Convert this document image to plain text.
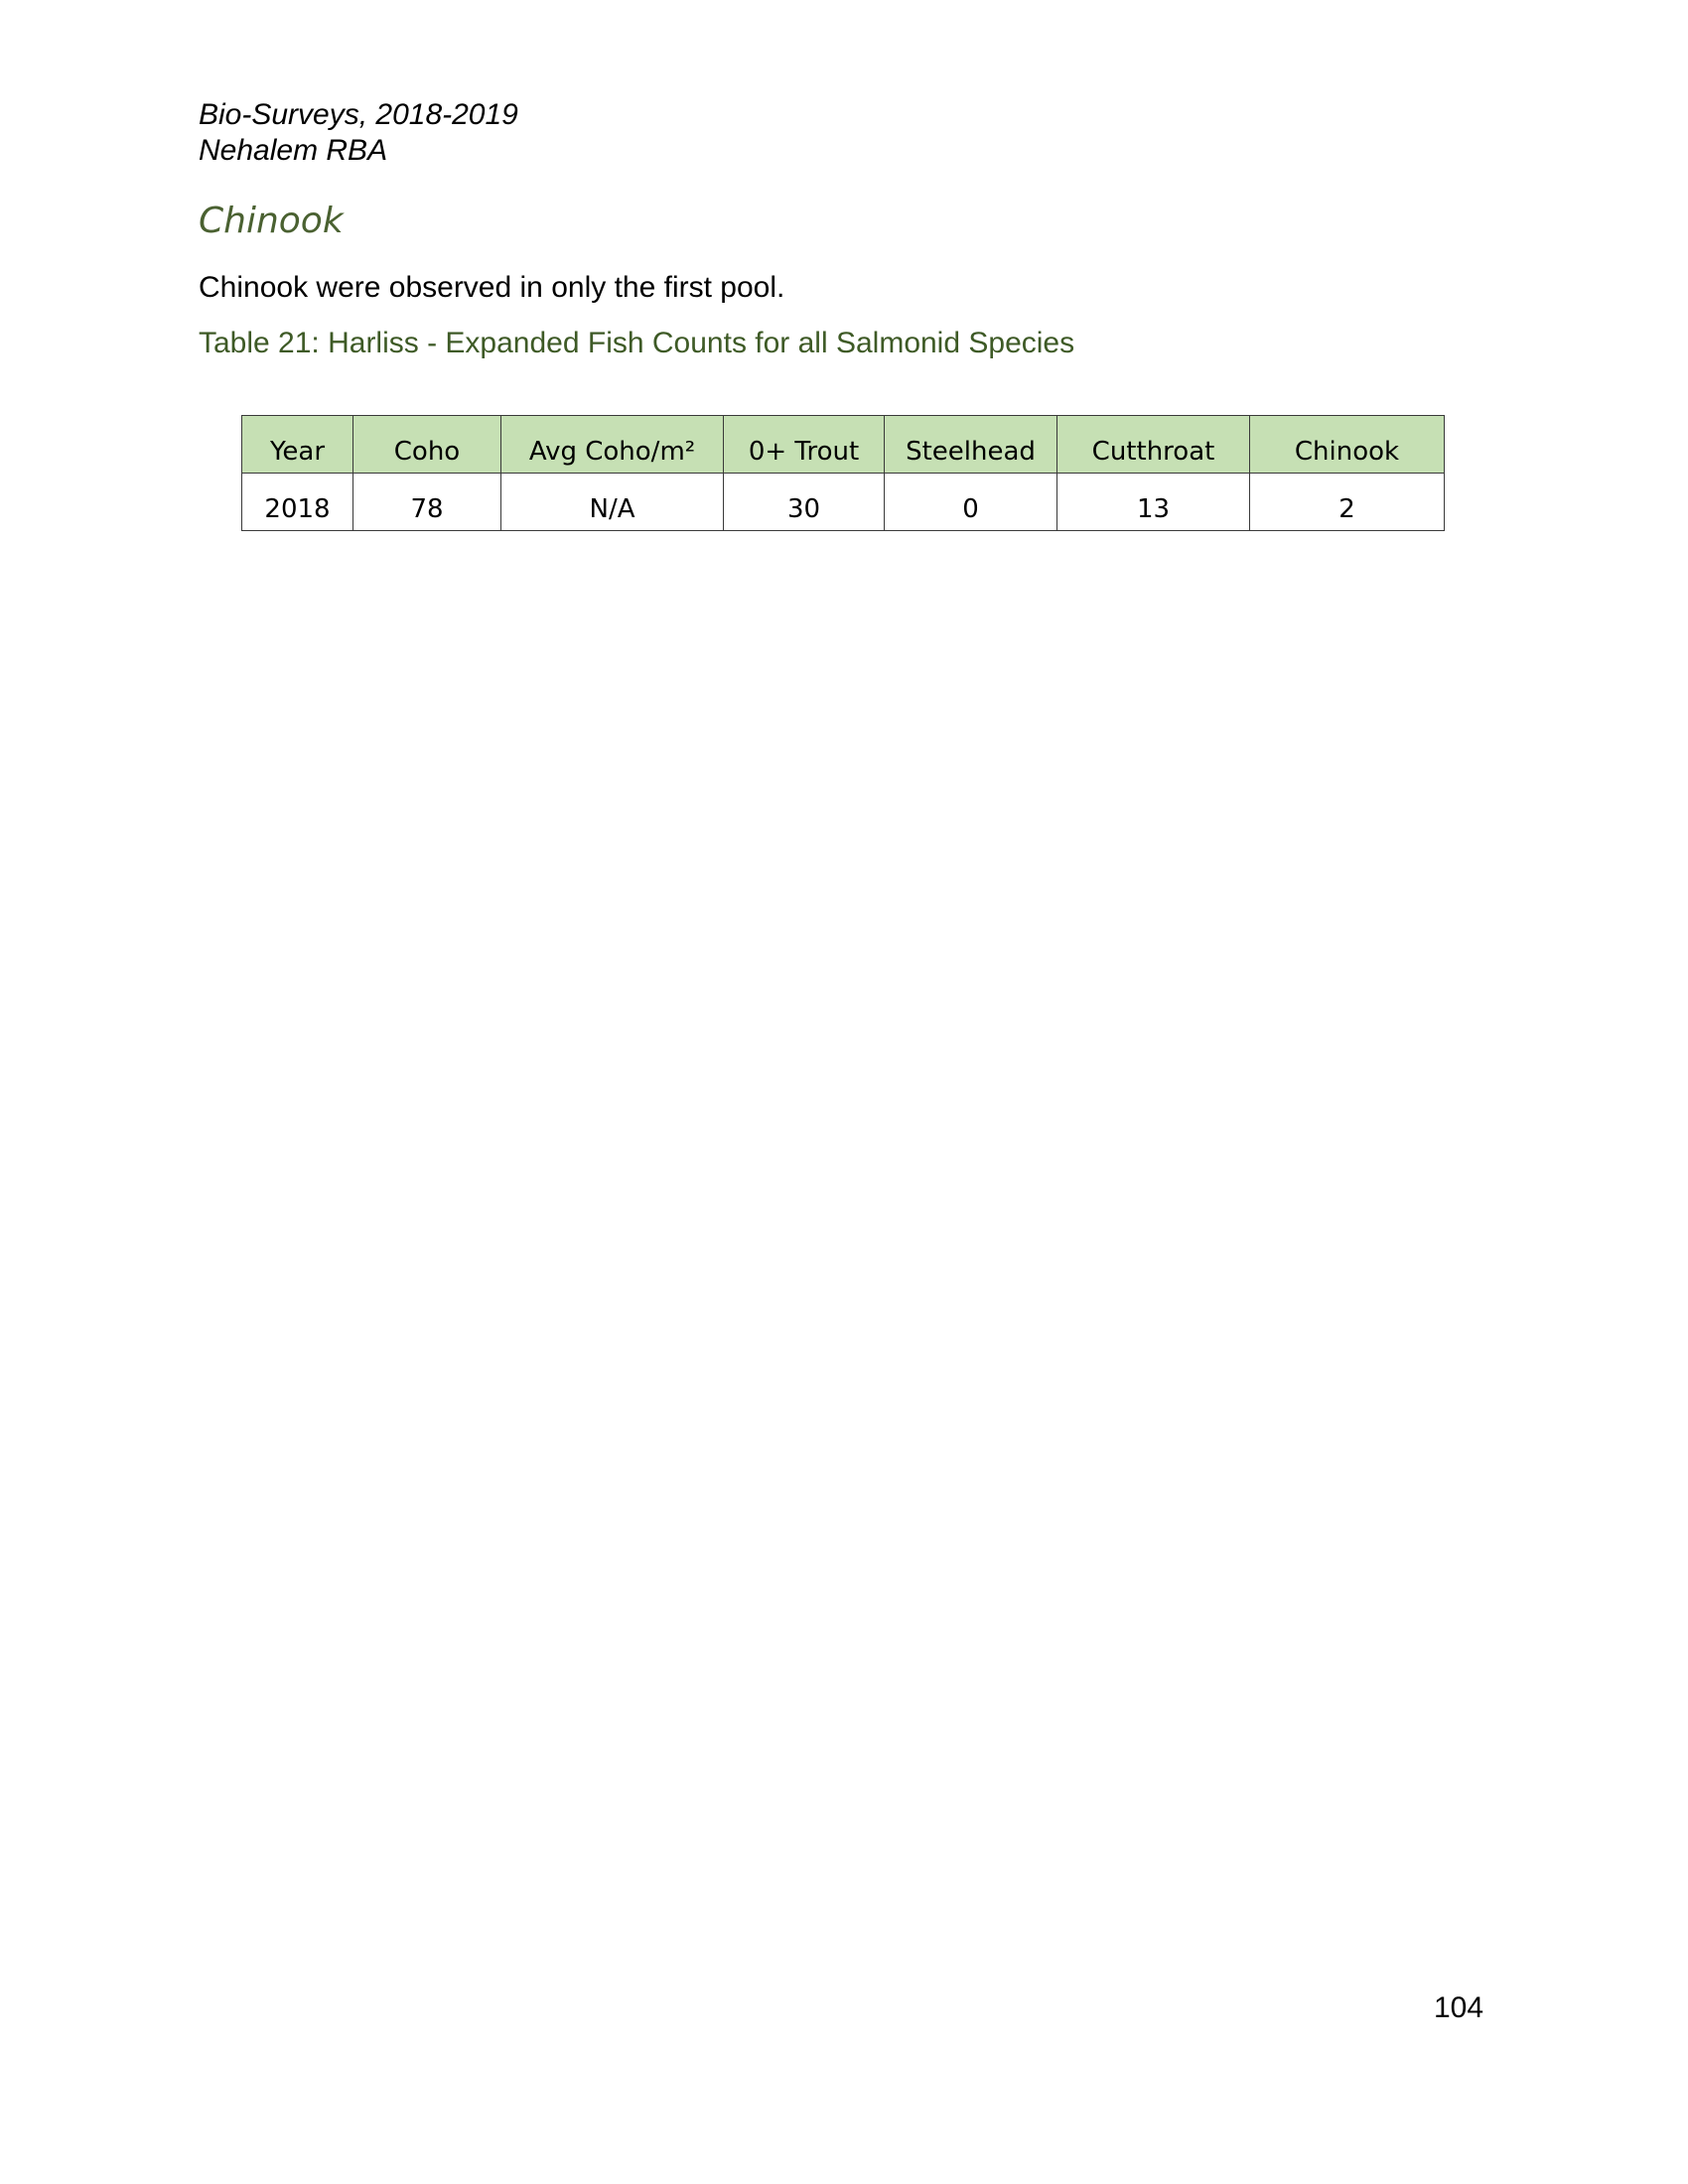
Bio-Surveys, 2018-2019
Nehalem RBA
Chinook
Chinook were observed in only the first pool.
Table 21: Harliss - Expanded Fish Counts for all Salmonid Species
Year	Coho	Avg Coho/m²	0+ Trout	Steelhead	Cutthroat	Chinook
2018	78	N/A	30	0	13	2
104
